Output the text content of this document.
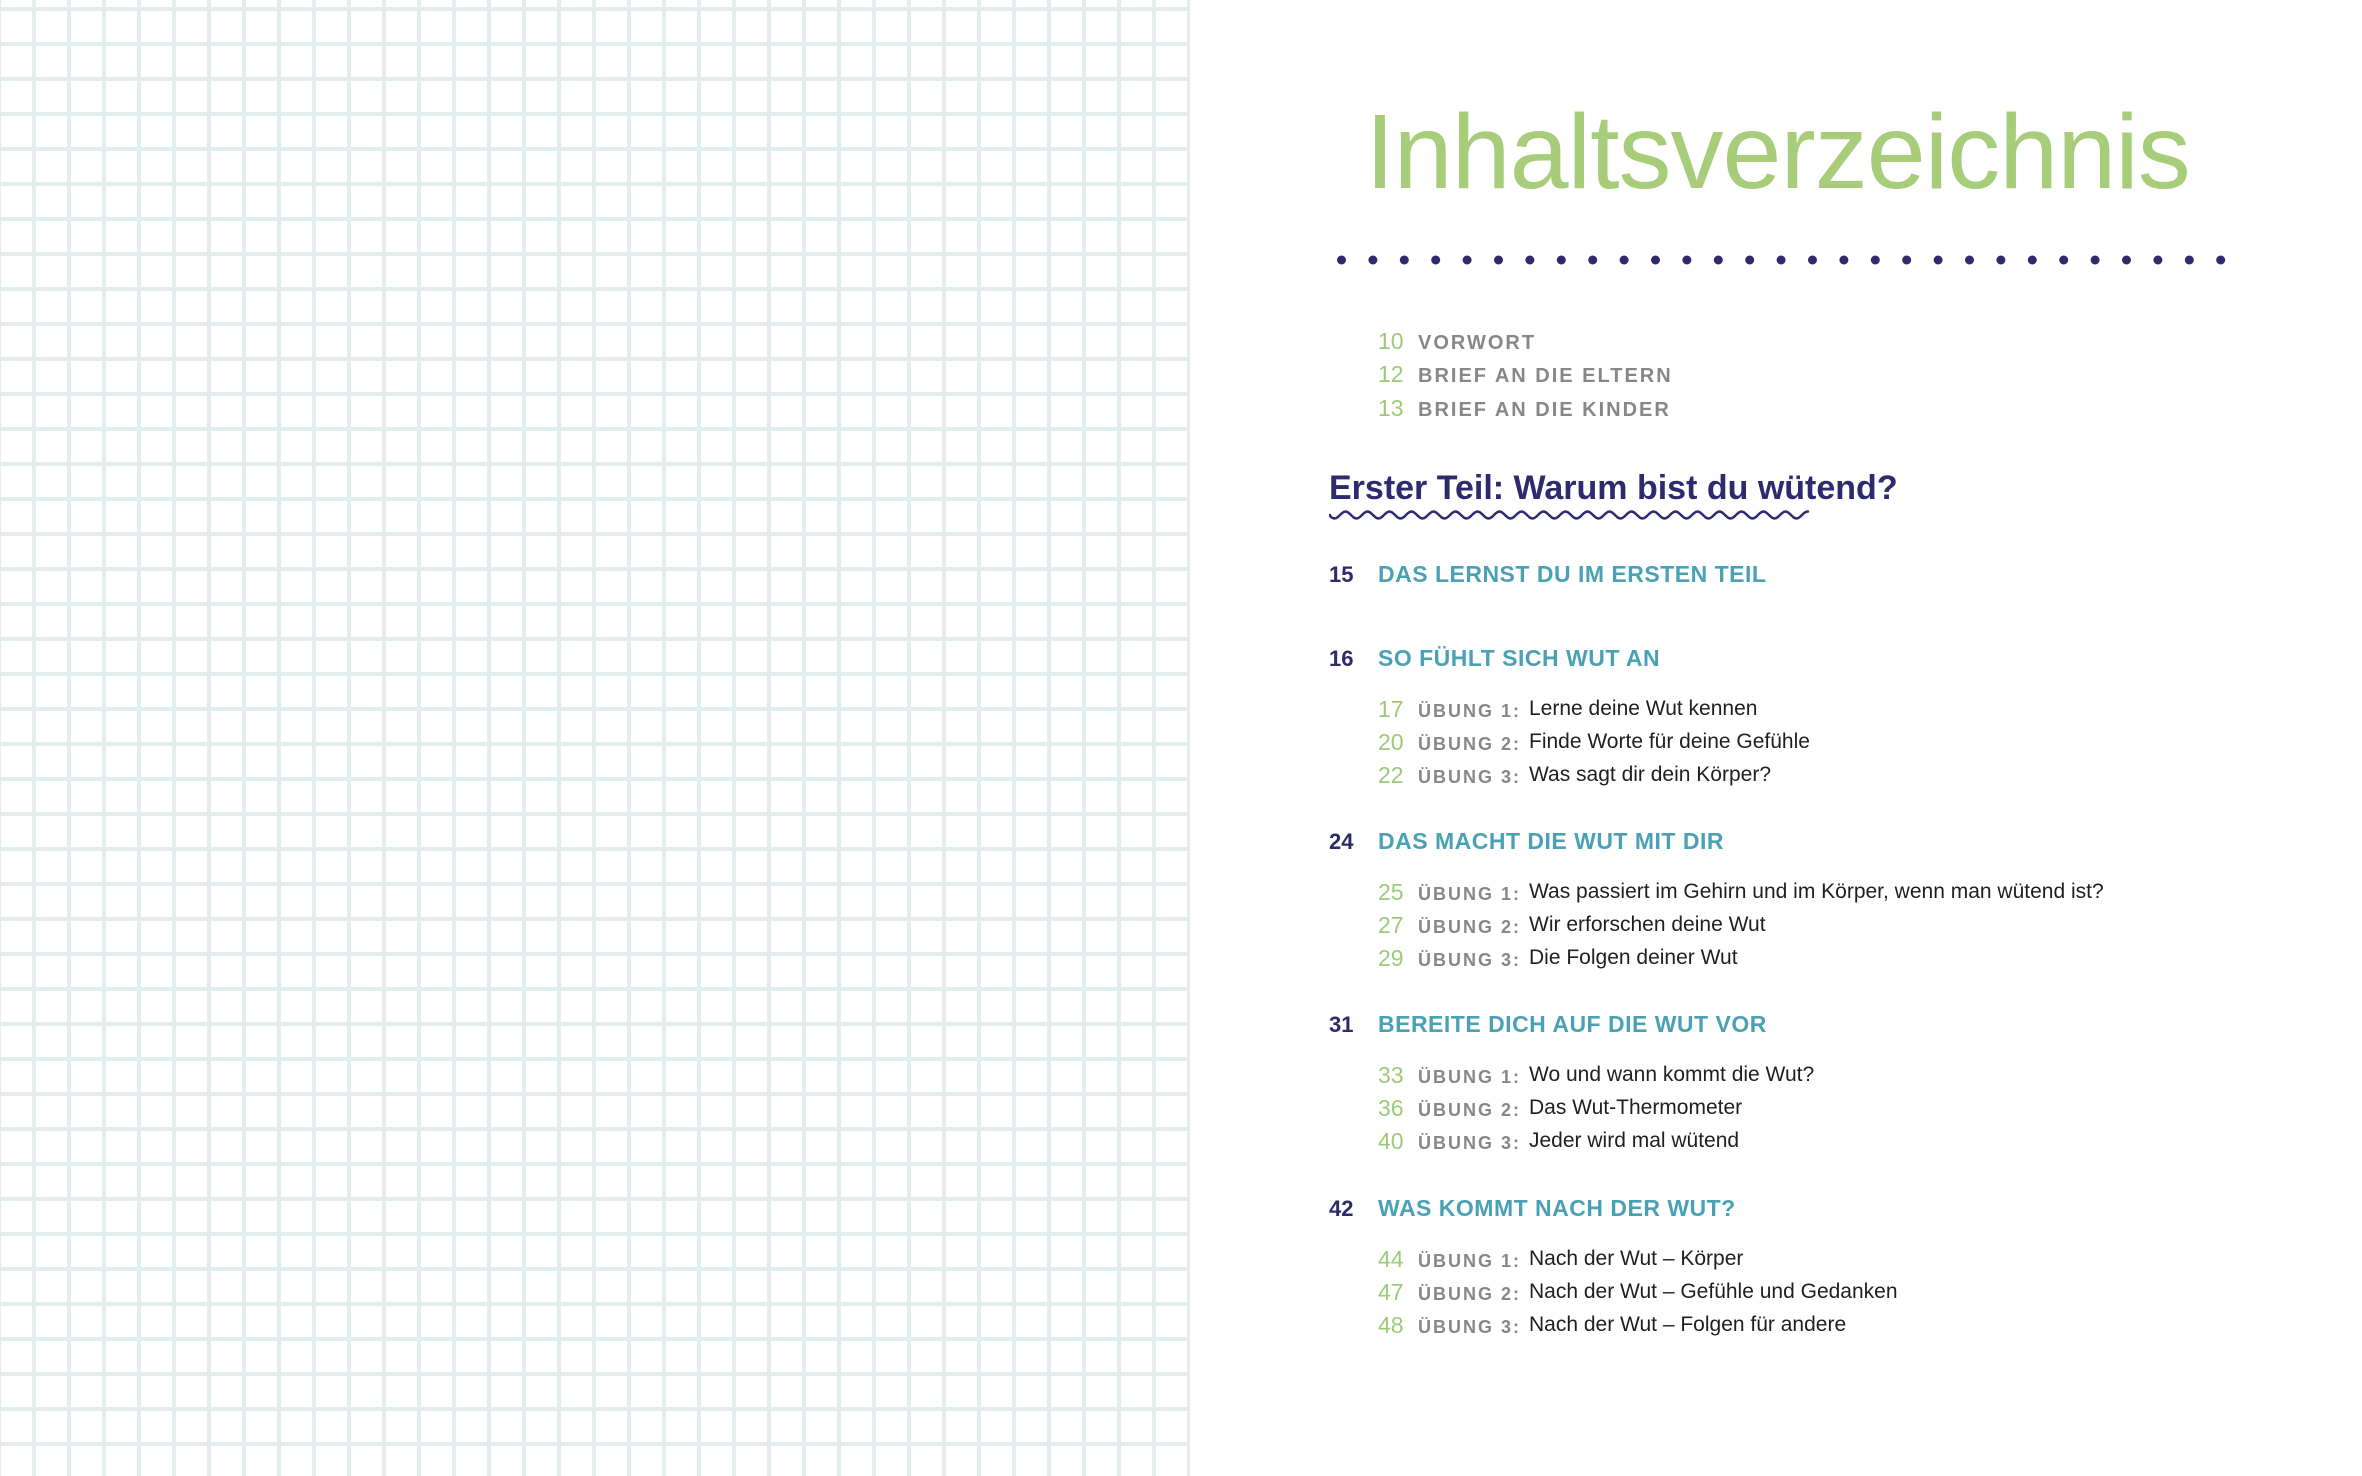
Inhaltsverzeichnis
10 VORWORT
12 BRIEF AN DIE ELTERN
13 BRIEF AN DIE KINDER
Erster Teil: Warum bist du wütend?
15 DAS LERNST DU IM ERSTEN TEIL
16 SO FÜHLT SICH WUT AN
17 ÜBUNG 1: Lerne deine Wut kennen
20 ÜBUNG 2: Finde Worte für deine Gefühle
22 ÜBUNG 3: Was sagt dir dein Körper?
24 DAS MACHT DIE WUT MIT DIR
25 ÜBUNG 1: Was passiert im Gehirn und im Körper, wenn man wütend ist?
27 ÜBUNG 2: Wir erforschen deine Wut
29 ÜBUNG 3: Die Folgen deiner Wut
31 BEREITE DICH AUF DIE WUT VOR
33 ÜBUNG 1: Wo und wann kommt die Wut?
36 ÜBUNG 2: Das Wut-Thermometer
40 ÜBUNG 3: Jeder wird mal wütend
42 WAS KOMMT NACH DER WUT?
44 ÜBUNG 1: Nach der Wut – Körper
47 ÜBUNG 2: Nach der Wut – Gefühle und Gedanken
48 ÜBUNG 3: Nach der Wut – Folgen für andere
